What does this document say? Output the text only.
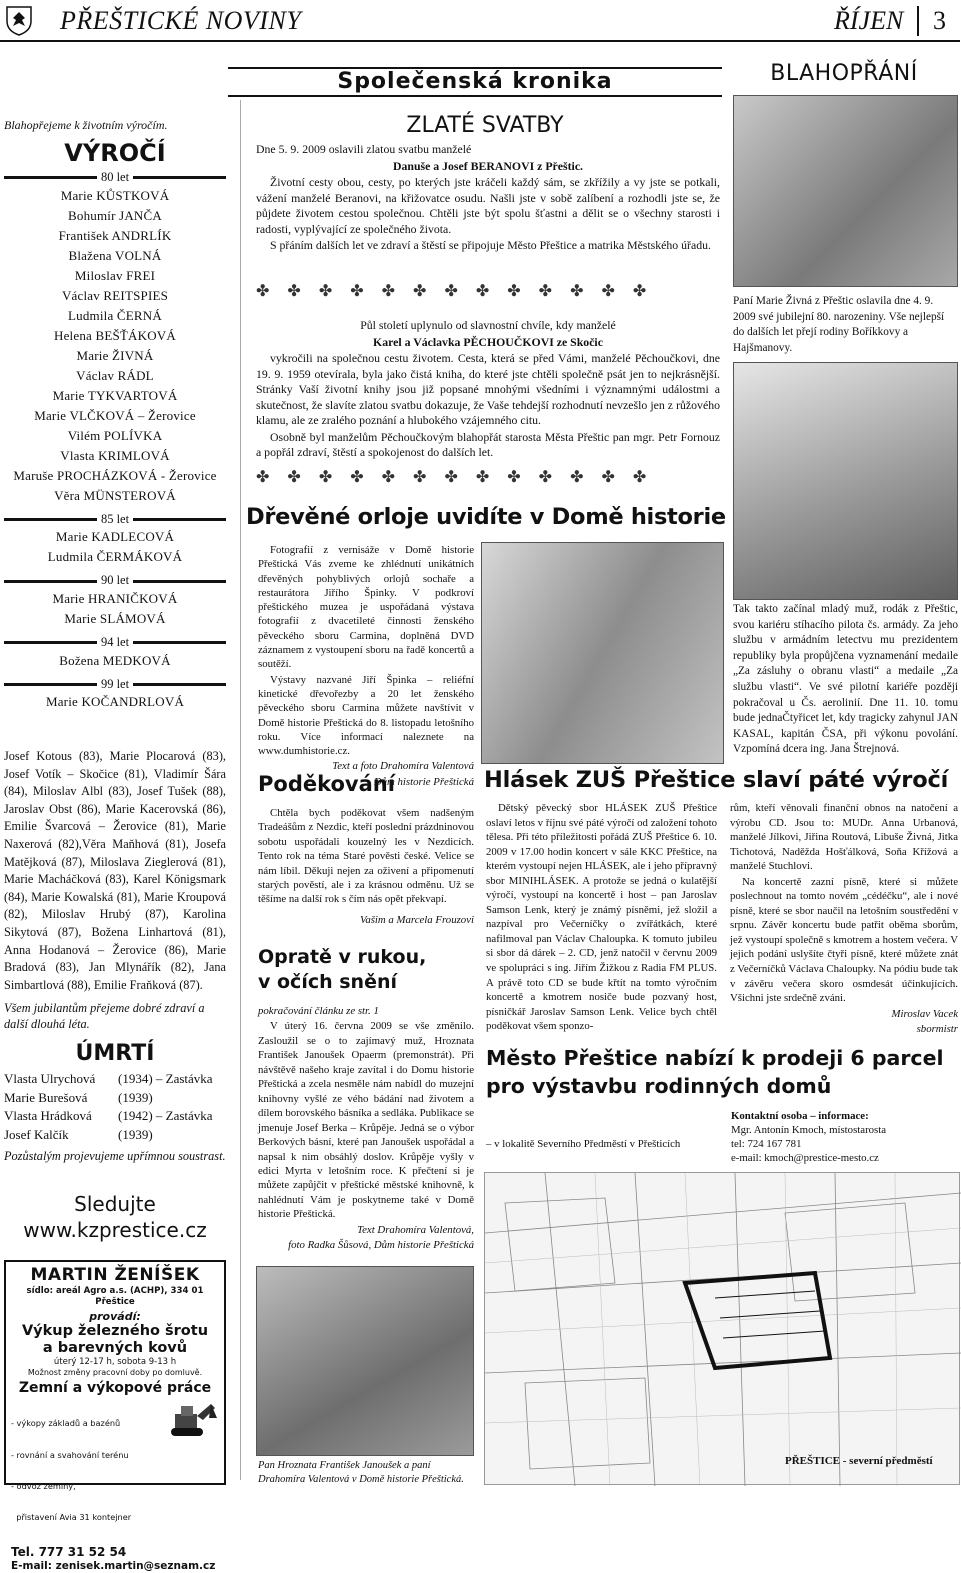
PŘEŠTICKÉ NOVINY	ŘÍJEN 3
Společenská kronika	BLAHOPŘÁNÍ
Blahopřejeme k životním výročím.
VÝROČÍ
80 let
Marie KŮSTKOVÁ
Bohumír JANČA
František ANDRLÍK
Blažena VOLNÁ
Miloslav FREI
Václav REITSPIES
Ludmila ČERNÁ
Helena BEŠŤÁKOVÁ
Marie ŽIVNÁ
Václav RÁDL
Marie TYKVARTOVÁ
Marie VLČKOVÁ – Žerovice
Vilém POLÍVKA
Vlasta KRIMLOVÁ
Maruše PROCHÁZKOVÁ - Žerovice
Věra MÜNSTEROVÁ
85 let
Marie KADLECOVÁ
Ludmila ČERMÁKOVÁ
90 let
Marie HRANIČKOVÁ
Marie SLÁMOVÁ
94 let
Božena MEDKOVÁ
99 let
Marie KOČANDRLOVÁ
Josef Kotous (83), Marie Plocarová (83), Josef Votík – Skočice (81), Vladimír Šára (84), Miloslav Albl (83), Josef Tušek (88), Jaroslav Obst (86), Marie Kacerovská (86), Emilie Švarcová – Žerovice (81), Marie Naxerová (82),Věra Maňhová (81), Josefa Matějková (87), Miloslava Zieglerová (81), Marie Macháčková (83), Karel Königsmark (84), Marie Kowalská (81), Marie Kroupová (82), Miloslav Hrubý (87), Karolina Sikytová (87), Božena Linhartová (81), Anna Hodanová – Žerovice (86), Marie Bradová (83), Jan Mlynářík (82), Jana Simbartlová (88), Emilie Fraňková (87).
Všem jubilantům přejeme dobré zdraví a další dlouhá léta.
ÚMRTÍ
Vlasta Ulrychová	(1934) – Zastávka
Marie Burešová	(1939)
Vlasta Hrádková	(1942) – Zastávka
Josef Kalčík	(1939)
Pozůstalým projevujeme upřímnou soustrast.
Sledujte
www.kzprestice.cz
MARTIN ŽENÍŠEK
sídlo: areál Agro a.s. (ACHP), 334 01 Přeštice
provádí:
Výkup železného šrotu a barevných kovů
úterý 12-17 h, sobota 9-13 h
Možnost změny pracovní doby po domluvě.
Zemní a výkopové práce

- výkopy základů a bazénů

- rovnání a svahování terénu

- odvoz zeminy,

přistavení Avia 31 kontejner

Tel. 777 31 52 54
E-mail: zenisek.martin@seznam.cz
ZLATÉ SVATBY

Dne 5. 9. 2009 oslavili zlatou svatbu manželé

Danuše a Josef BERANOVI z Přeštic.

Životní cesty obou, cesty, po kterých jste kráčeli každý sám, se zkřížily a vy jste se potkali, vážení manželé Beranovi, na křižovatce osudu. Našli jste v sobě zalíbení a rozhodli jste se, že půjdete životem cestou společnou. Chtěli jste být spolu šťastni a dělit se o všechny starosti i radosti, vyplývající ze společného života.

S přáním dalších let ve zdraví a štěstí se připojuje Město Přeštice a matrika Městského úřadu.

✤✤✤✤✤✤✤✤✤✤✤✤✤

Půl století uplynulo od slavnostní chvíle, kdy manželé

Karel a Václavka PĚCHOUČKOVI ze Skočic

vykročili na společnou cestu životem. Cesta, která se před Vámi, manželé Pěchoučkovi, dne 19. 9. 1959 otevírala, byla jako čistá kniha, do které jste chtěli společně psát jen to nejkrásnější. Stránky Vaší životní knihy jsou již popsané mnohými všedními i významnými událostmi a skutečnost, že slavíte zlatou svatbu dokazuje, že Vaše tehdejší rozhodnutí nevzešlo jen z růžového klamu, ale ze zralého poznání a hlubokého vzájemného citu.

Osobně byl manželům Pěchoučkovým blahopřát starosta Města Přeštic pan mgr. Petr Fornouz a popřál zdraví, štěstí a spokojenost do dalších let.

✤✤✤✤✤✤✤✤✤✤✤✤✤
Paní Marie Živná z Přeštic oslavila dne 4. 9. 2009 své jubilejní 80. narozeniny. Vše nejlepší do dalších let přejí rodiny Boříkkovy a Hajšmanovy.
Tak takto začínal mladý muž, rodák z Přeštic, svou kariéru stíhacího pilota čs. armády. Za jeho službu v armádním letectvu mu prezidentem republiky byla propůjčena vyznamenání medaile „Za zásluhy o obranu vlasti“ a medaile „Za službu vlasti“. Ve své pilotní kariéře později pokračoval u Čs. aerolinií. Dne 11. 10. tomu bude jednaČtyřicet let, kdy tragicky zahynul JAN KASAL, kapitán ČSA, při výkonu povolání. Vzpomíná dcera ing. Jana Štrejnová.
Dřevěné orloje uvidíte v Domě historie

Fotografií z vernisáže v Domě historie Přeštická Vás zveme ke zhlédnutí unikátních dřevěných pohyblivých orlojů sochaře a restaurátora Jiřího Špinky. V podkroví přeštického muzea je uspořádaná výstava fotografií z dvacetileté činnosti ženského pěveckého sboru Carmina, doplněná DVD záznamem z vystoupení sboru na řadě koncertů a soutěží.

Výstavy nazvané Jiří Špinka – reliéfní kinetické dřevořezby a 20 let ženského pěveckého sboru Carmina můžete navštívit v Domě historie Přeštická do 8. listopadu letošního roku. Více informací naleznete na www.dumhistorie.cz.

Text a foto Drahomíra Valentová

Dům historie Přeštická

Poděkování

Chtěla bych poděkovat všem nadšeným Tradeášům z Nezdic, kteří poslední prázdninovou sobotu uspořádali kouzelný les v Nezdicích. Tento rok na téma Staré pověsti české. Velice se nám líbil. Děkuji nejen za oživení a připomenutí starých pověstí, ale i za krásnou odměnu. Už se těšíme na další rok s čím nás opět překvapí.

Vašim a Marcela Frouzovi

Opratě v rukou,
v očích snění

pokračování článku ze str. 1

V úterý 16. června 2009 se vše změnilo. Zasloužil se o to zajímavý muž, Hroznata František Janoušek Opaerm (premonstrát). Při návštěvě našeho kraje zavítal i do Domu historie Přeštická a zcela nesměle nám nabídl do muzejní knihovny vyšlé ze vého bádání nad životem a dílem borovského básníka a sedláka. Publikace se jmenuje Josef Berka – Krůpěje. Jedná se o výbor Berkových básní, které pan Janoušek uspořádal a napsal k nim obsáhlý doslov. Krůpěje vyšly v edici Myrta v letošním roce. K přečtení si je můžete zapůjčit v přeštické městské knihovně, k nahlédnutí Vám je poskytneme také v Domě historie Přeštická.

Text Drahomíra Valentová,

foto Radka Šůsová, Dům historie Přeštická

Pan Hroznata František Janoušek a paní Drahomíra Valentová v Domě historie Přeštická.
Hlásek ZUŠ Přeštice slaví páté výročí
Dětský pěvecký sbor HLÁSEK ZUŠ Přeštice oslaví letos v říjnu své páté výročí od založení tohoto tělesa. Při této příležitosti pořádá ZUŠ Přeštice 6. 10. 2009 v 17.00 hodin koncert v sále KKC Přeštice, na kterém vystoupí nejen HLÁSEK, ale i jeho přípravný sbor MINIHLÁSEK. A protože se jedná o kulatější výročí, vystoupí na koncertě i host – pan Jaroslav Samson Lenk, který je známý písněmi, jež složil a nazpíval pro Večerníčky o zvířátkách, které nafilmoval pan Václav Chaloupka. K tomuto jubileu si sbor dá dárek – 2. CD, jenž natočil v červnu 2009 ve spolupráci s ing. Jiřím Žižkou z Radia FM PLUS. A právě toto CD se bude křtít na tomto výročním koncertě a kmotrem nosiče bude pozvaný host, písničkář Jaroslav Samson Lenk. Velice bych chtěl poděkovat všem sponzo-

rům, kteří věnovali finanční obnos na natočení a výrobu CD. Jsou to: MUDr. Anna Urbanová, manželé Jílkovi, Jiřina Routová, Libuše Živná, Jitka Tichotová, Naděžda Hošťálková, Soňa Křížová a manželé Stuchlovi.

Na koncertě zazní písně, které si můžete poslechnout na tomto novém „cédéčku“, ale i nové písně, které se sbor naučil na letošním soustředění v srpnu. Závěr koncertu bude patřit oběma sborům, jež vystoupí společně s kmotrem a hostem večera. V jejich podání uslyšíte čtyři písně, které můžete znát z Večerníčků Václava Chaloupky. Na pódiu bude tak v závěru večera skoro osmdesát účinkujících. Všichni jste srdečně zváni.

Miroslav Vacek

sbormistr

Město Přeštice nabízí k prodeji 6 parcel
pro výstavbu rodinných domů

– v lokalitě Severního Předměstí v Přešticích

Kontaktní osoba – informace:
Mgr. Antonín Kmoch, místostarosta
tel: 724 167 781
e-mail: kmoch@prestice-mesto.cz
PŘEŠTICE - severní předměstí
